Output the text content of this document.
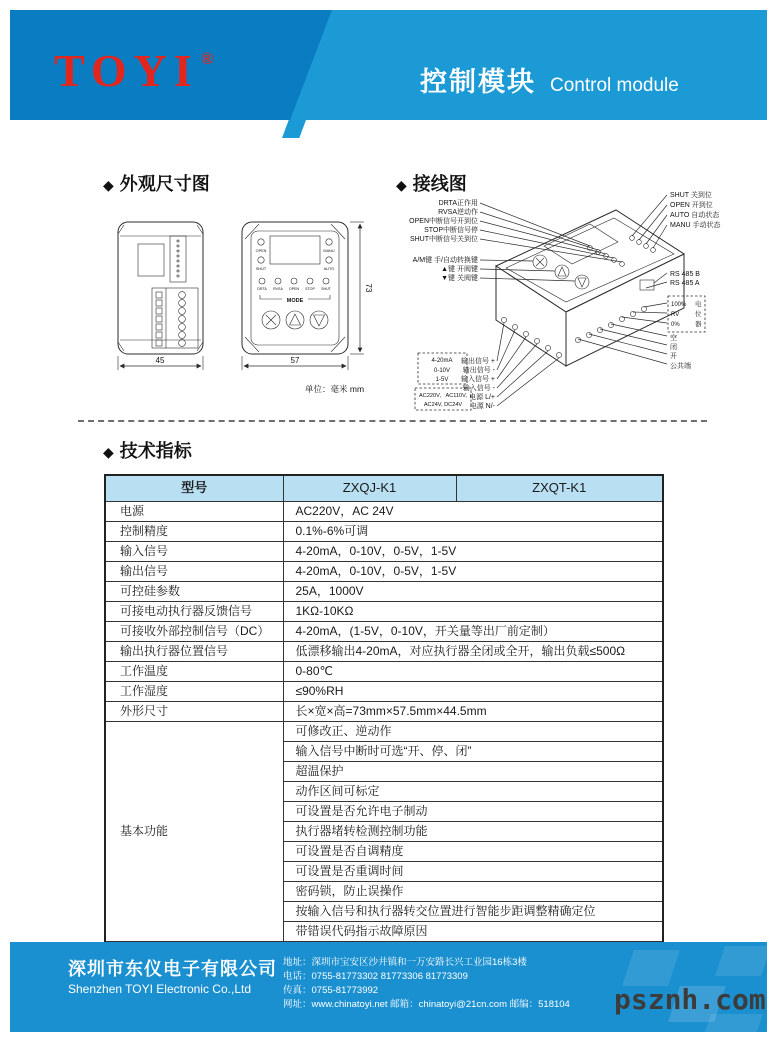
TOYI ®
控制模块 Control module
◆ 外观尺寸图	◆ 接线图
45
OPEN	MANU
SHUT	AUTO
DRTA RVSA OPEN STOP SHUT
MODE
57
73
单位：毫米 mm
DRTA正作用
RVSA逆动作
OPEN中断信号开到位
STOP中断信号停
SHUT中断信号关到位
A/M键 手/自动转换键
▲键 开阀键
▼键 关阀键
SHUT 关到位
OPEN 开到位
AUTO 自动状态
MANU 手动状态
RS 485 B
RS 485 A
空
闭
开
公共端
100%
RV
0%
电
位
器
输出信号 +
输出信号 -
输入信号 +
输入信号 -
电源 L/+
电源 N/-
4-20mA
0-10V
1-5V
AC220V，AC110V,
AC24V, DC24V
◆ 技术指标
型号	ZXQJ-K1	ZXQT-K1
电源	AC220V，AC 24V	
控制精度	0.1%-6%可调	
输入信号	4-20mA，0-10V，0-5V，1-5V	
输出信号	4-20mA，0-10V，0-5V，1-5V	
可控硅参数	25A，1000V	
可接电动执行器反馈信号	1KΩ-10KΩ	
可接收外部控制信号（DC）	4-20mA，(1-5V，0-10V，开关量等出厂前定制）	
输出执行器位置信号	低漂移输出4-20mA，对应执行器全闭或全开，输出负载≤500Ω	
工作温度	0-80℃	
工作湿度	≤90%RH	
外形尺寸	长×宽×高=73mm×57.5mm×44.5mm	
基本功能	可修改正、逆动作	
	输入信号中断时可选“开、停、闭”	
	超温保护	
	动作区间可标定	
	可设置是否允许电子制动	
	执行器堵转检测控制功能	
	可设置是否自调精度	
	可设置是否重调时间	
	密码锁，防止误操作	
	按输入信号和执行器转交位置进行智能步距调整精确定位	
	带错误代码指示故障原因	

深圳市东仪电子有限公司
Shenzhen TOYI Electronic Co.,Ltd
地址：深圳市宝安区沙井镇和一万安路长兴工业园16栋3楼
电话：0755-81773302 81773306 81773309
传真：0755-81773992
网址：www.chinatoyi.net 邮箱：chinatoyi@21cn.com 邮编：518104 psznh.com
